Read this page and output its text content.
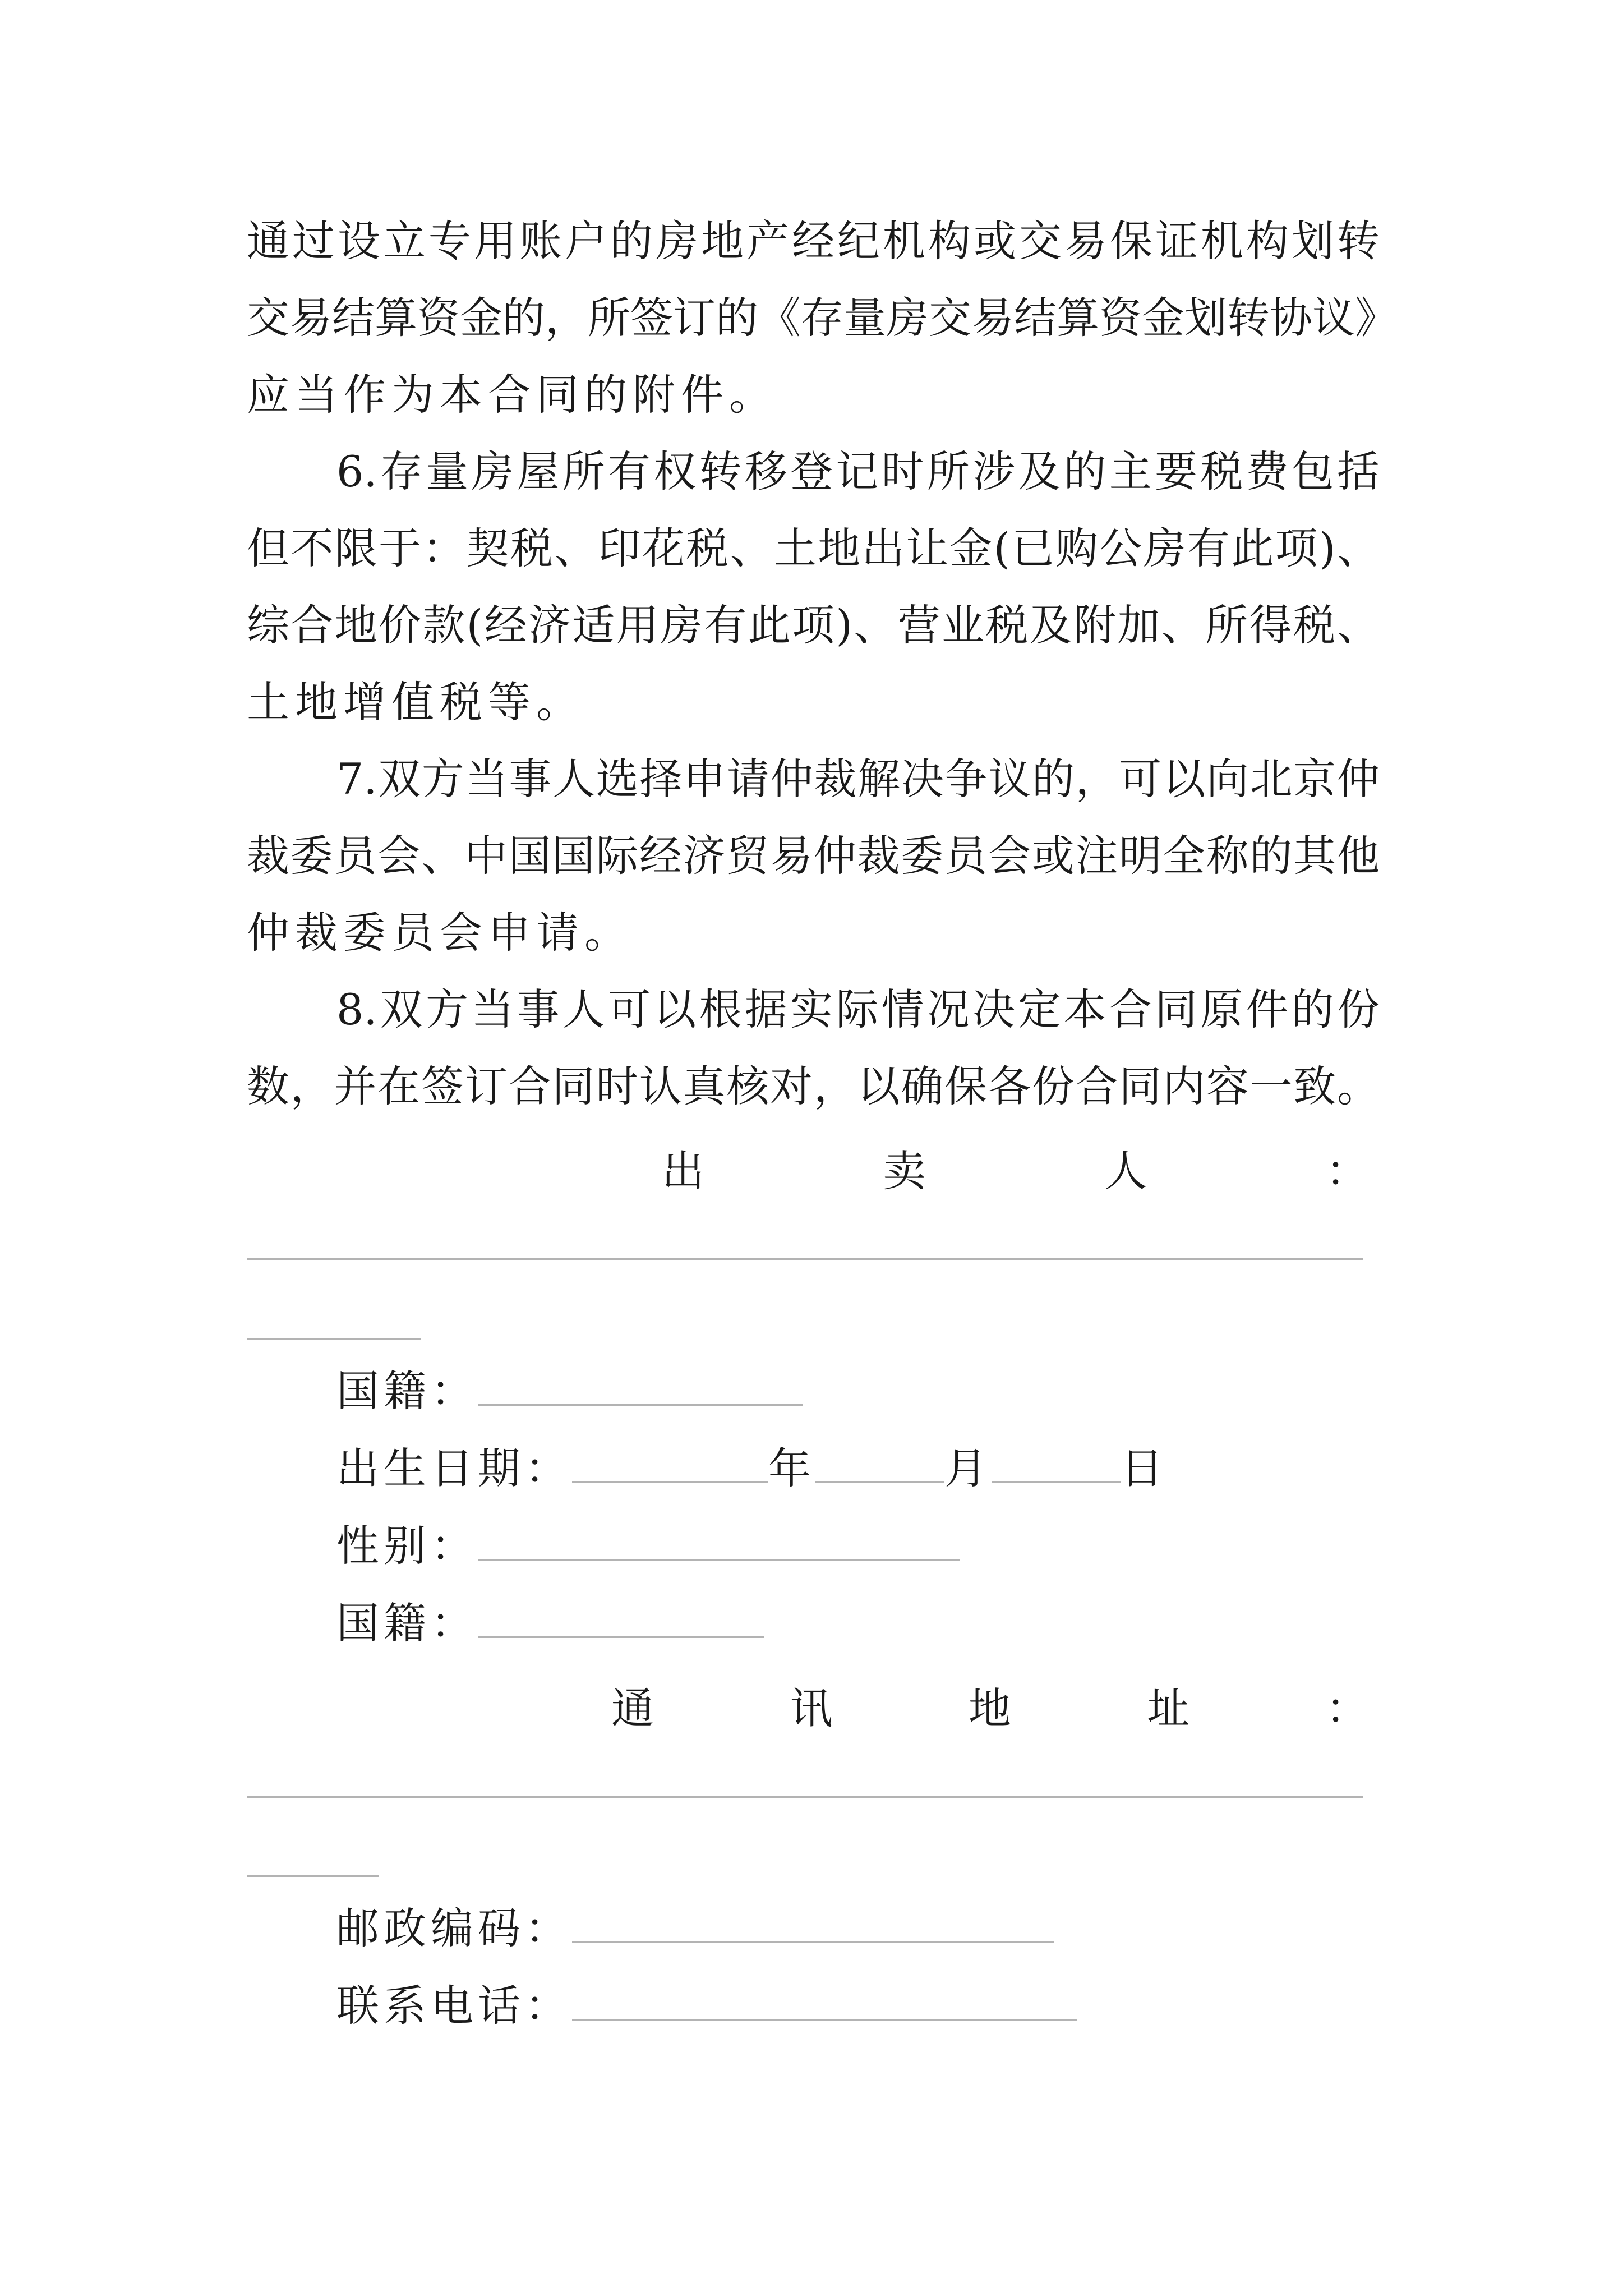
通过设立专用账户的房地产经纪机构或交易保证机构划转
交易结算资金的，所签订的《存量房交易结算资金划转协议》
应当作为本合同的附件。
6.存量房屋所有权转移登记时所涉及的主要税费包括
但不限于：契税、印花税、土地出让金(已购公房有此项)、
综合地价款(经济适用房有此项)、营业税及附加、所得税、
土地增值税等。
7.双方当事人选择申请仲裁解决争议的，可以向北京仲
裁委员会、中国国际经济贸易仲裁委员会或注明全称的其他
仲裁委员会申请。
8.双方当事人可以根据实际情况决定本合同原件的份
数，并在签订合同时认真核对，以确保各份合同内容一致。
出 卖 人 ：
国籍：
出生日期：	年	月	日
性别：
国籍：
通 讯 地 址 ：
邮政编码：
联系电话：
